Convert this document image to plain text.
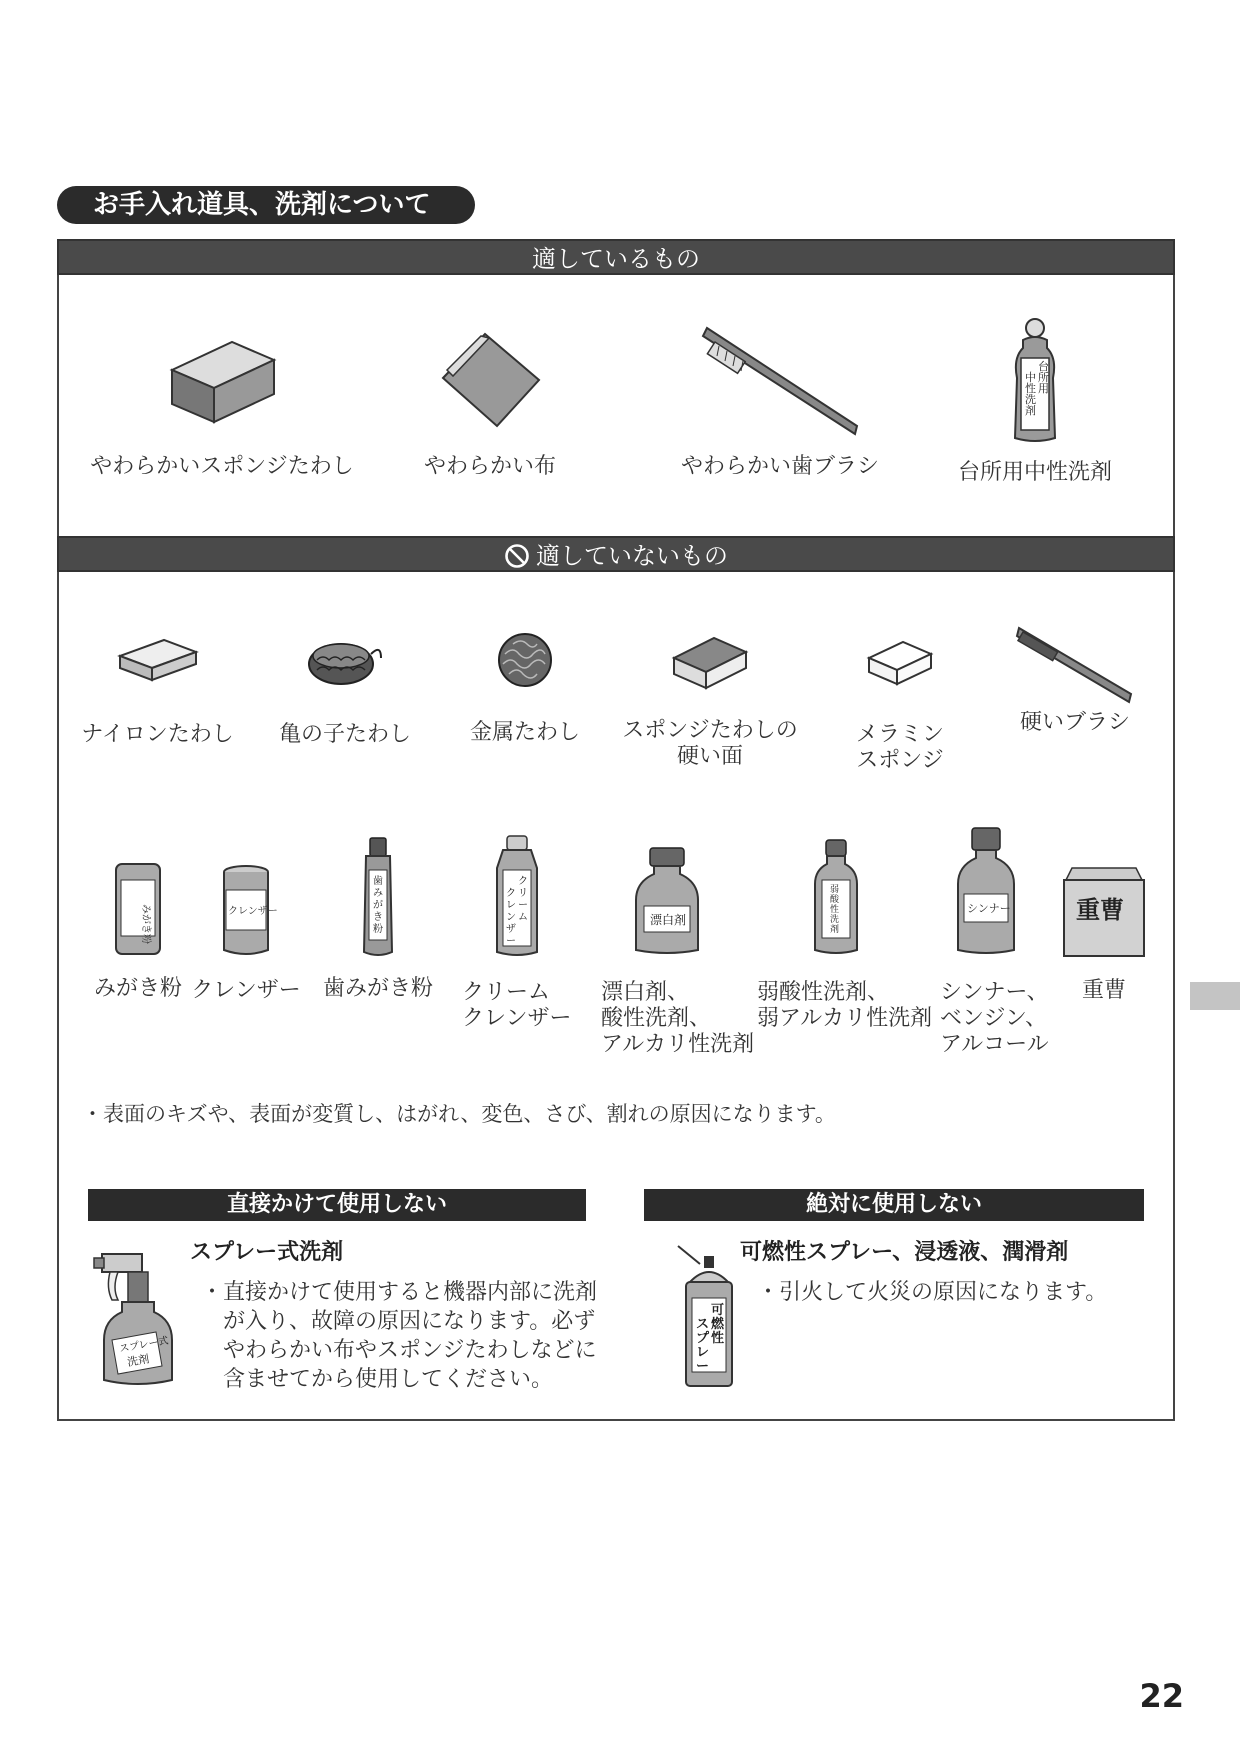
お手入れ道具、洗剤について
適しているもの
やわらかいスポンジたわし	やわらかい布	やわらかい歯ブラシ
台
所
用
中
性
洗
剤
台所用中性洗剤
適していないもの
ナイロンたわし	亀の子たわし	金属たわし	スポンジたわしの
硬い面
メラミン
スポンジ
硬いブラシ
みがき粉
みがき粉
クレンザー
クレンザー
歯
み
が
き
粉
歯みがき粉
ク
リ
ー
ム
ク
レ
ン
ザ
ー
クリーム
クレンザー
漂白剤
漂白剤、
酸性洗剤、
アルカリ性洗剤
弱
酸
性
洗
剤
弱酸性洗剤、
弱アルカリ性洗剤
シンナー
シンナー、
ベンジン、
アルコール
重曹
重曹
・表面のキズや、表面が変質し、はがれ、変色、さび、割れの原因になります。
直接かけて使用しない	絶対に使用しない
スプレー式
洗剤
スプレー式洗剤
・直接かけて使用すると機器内部に洗剤
が入り、故障の原因になります。必ず
やわらかい布やスポンジたわしなどに
含ませてから使用してください。
可
燃
性
ス
プ
レ
ー
可燃性スプレー、浸透液、潤滑剤
・引火して火災の原因になります。
22
